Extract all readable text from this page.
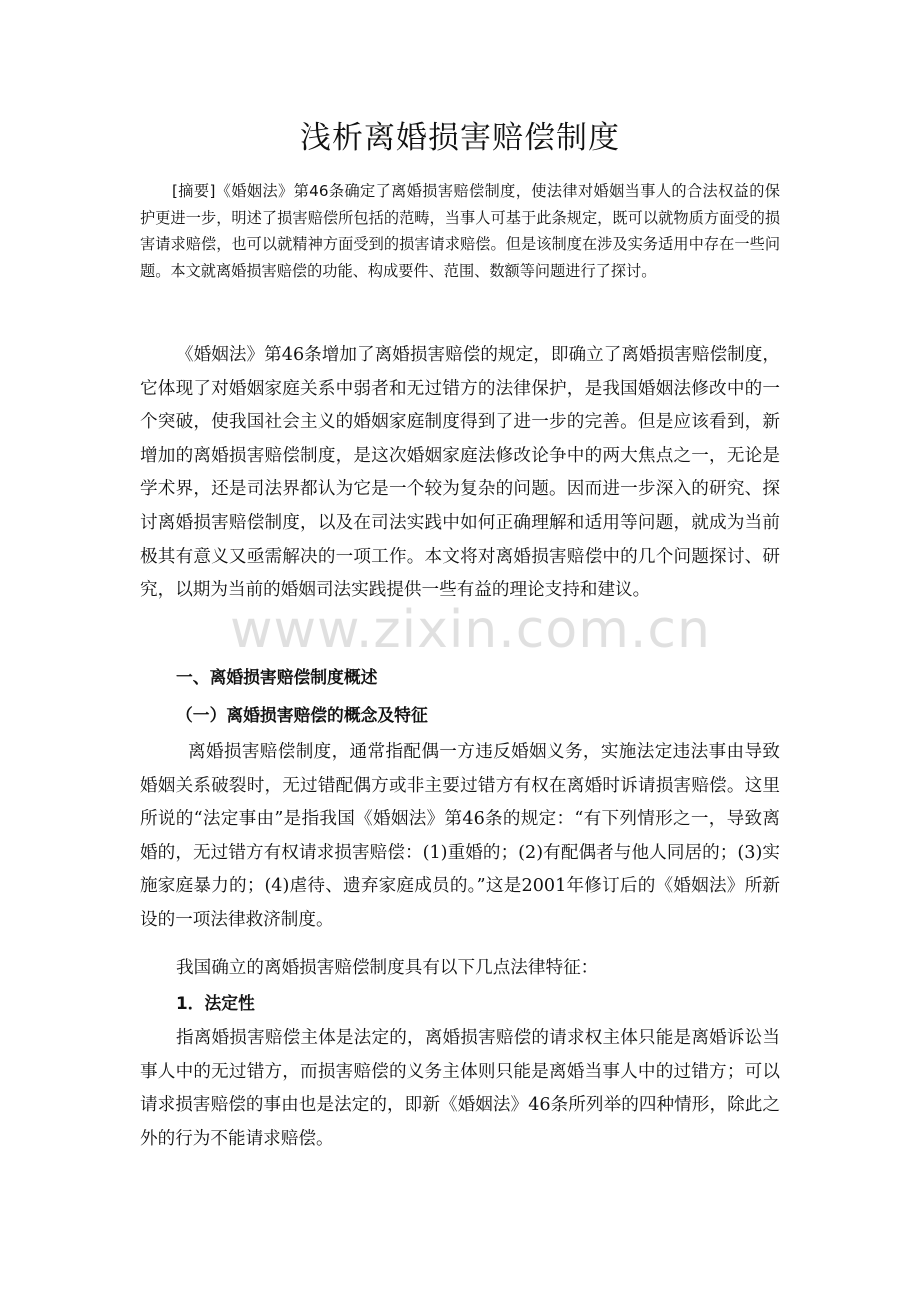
浅析离婚损害赔偿制度

[摘要]《婚姻法》第46条确定了离婚损害赔偿制度，使法律对婚姻当事人的合法权益的保护更进一步，明述了损害赔偿所包括的范畴，当事人可基于此条规定，既可以就物质方面受的损害请求赔偿，也可以就精神方面受到的损害请求赔偿。但是该制度在涉及实务适用中存在一些问题。本文就离婚损害赔偿的功能、构成要件、范围、数额等问题进行了探讨。

《婚姻法》第46条增加了离婚损害赔偿的规定，即确立了离婚损害赔偿制度，它体现了对婚姻家庭关系中弱者和无过错方的法律保护，是我国婚姻法修改中的一个突破，使我国社会主义的婚姻家庭制度得到了进一步的完善。但是应该看到，新增加的离婚损害赔偿制度，是这次婚姻家庭法修改论争中的两大焦点之一，无论是学术界，还是司法界都认为它是一个较为复杂的问题。因而进一步深入的研究、探讨离婚损害赔偿制度，以及在司法实践中如何正确理解和适用等问题，就成为当前极其有意义又亟需解决的一项工作。本文将对离婚损害赔偿中的几个问题探讨、研究，以期为当前的婚姻司法实践提供一些有益的理论支持和建议。

www.zixin.com.cn
一、离婚损害赔偿制度概述
（一）离婚损害赔偿的概念及特征

离婚损害赔偿制度，通常指配偶一方违反婚姻义务，实施法定违法事由导致婚姻关系破裂时，无过错配偶方或非主要过错方有权在离婚时诉请损害赔偿。这里所说的“法定事由”是指我国《婚姻法》第46条的规定：“有下列情形之一，导致离婚的，无过错方有权请求损害赔偿：(1)重婚的；(2)有配偶者与他人同居的；(3)实施家庭暴力的；(4)虐待、遗弃家庭成员的。”这是2001年修订后的《婚姻法》所新设的一项法律救济制度。

我国确立的离婚损害赔偿制度具有以下几点法律特征：

1．法定性

指离婚损害赔偿主体是法定的，离婚损害赔偿的请求权主体只能是离婚诉讼当事人中的无过错方，而损害赔偿的义务主体则只能是离婚当事人中的过错方；可以请求损害赔偿的事由也是法定的，即新《婚姻法》46条所列举的四种情形，除此之外的行为不能请求赔偿。
